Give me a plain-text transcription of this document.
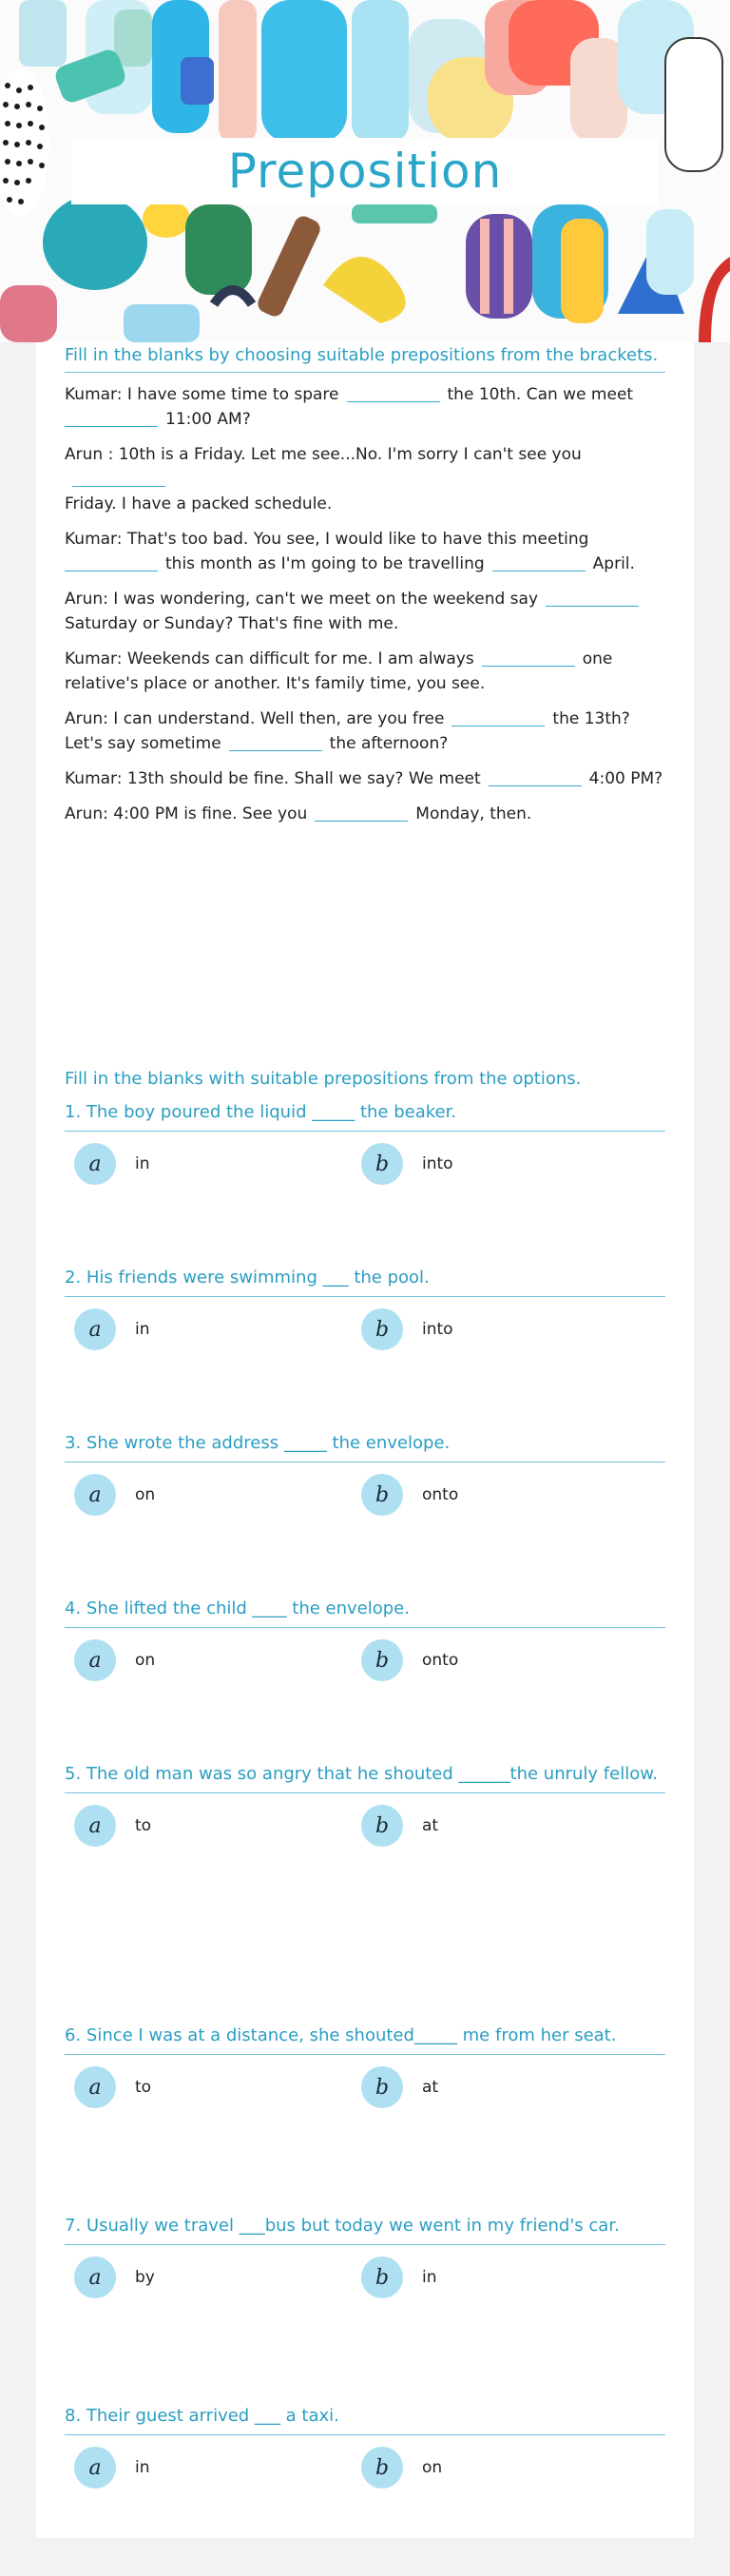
Preposition
Fill in the blanks by choosing suitable prepositions from the brackets.

Kumar: I have some time to spare	the 10th. Can we meet
11:00 AM?

Arun : 10th is a Friday. Let me see...No. I'm sorry I can't see you
Friday. I have a packed schedule.

Kumar: That's too bad. You see, I would like to have this meeting
this month as I'm going to be travelling	April.

Arun: I was wondering, can't we meet on the weekend say
Saturday or Sunday? That's fine with me.

Kumar: Weekends can difficult for me. I am always	one relative's place or another. It's family time, you see.

Arun: I can understand. Well then, are you free	the 13th? Let's say sometime	the afternoon?

Kumar: 13th should be fine. Shall we say? We meet	4:00 PM?

Arun: 4:00 PM is fine. See you	Monday, then.

Fill in the blanks with suitable prepositions from the options.
1. The boy poured the liquid _____ the beaker.
a	in	b	into
2. His friends were swimming ___ the pool.
a	in	b	into
3. She wrote the address _____ the envelope.
a	on	b	onto
4. She lifted the child ____ the envelope.
a	on	b	onto
5. The old man was so angry that he shouted ______the unruly fellow.
a	to	b	at
6. Since I was at a distance, she shouted_____ me from her seat.
a	to	b	at
7. Usually we travel ___bus but today we went in my friend's car.
a	by	b	in
8. Their guest arrived ___ a taxi.
a	in	b	on
